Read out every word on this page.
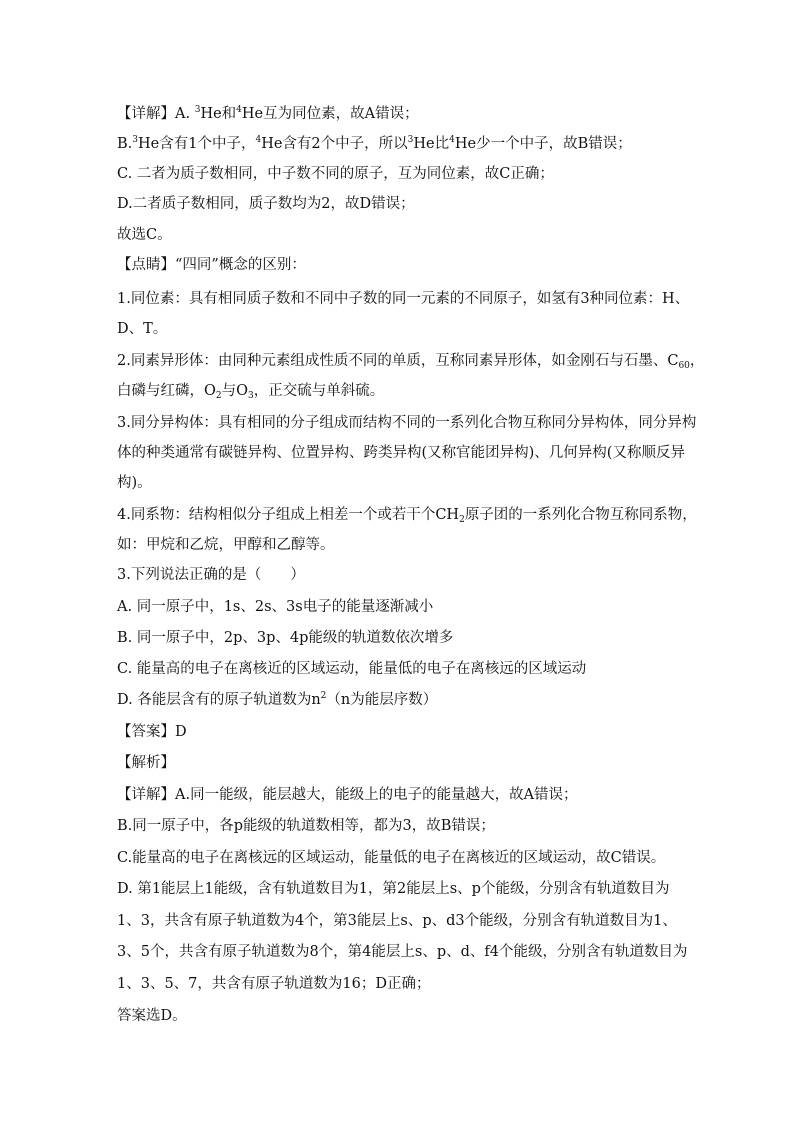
【详解】A. $^3$He和$^4$He互为同位素，故A错误；
B.$^3$He含有1个中子，$^4$He含有2个中子，所以$^3$He比$^4$He少一个中子，故B错误；
C. 二者为质子数相同，中子数不同的原子，互为同位素，故C正确；
D.二者质子数相同，质子数均为2，故D错误；
故选C。
【点睛】“四同”概念的区别：
1.同位素：具有相同质子数和不同中子数的同一元素的不同原子，如氢有3种同位素：H、
D、T。
2.同素异形体：由同种元素组成性质不同的单质，互称同素异形体，如金刚石与石墨、$C_{60}$，
白磷与红磷，$O_2$与$O_3$，正交硫与单斜硫。
3.同分异构体：具有相同的分子组成而结构不同的一系列化合物互称同分异构体，同分异构
体的种类通常有碳链异构、位置异构、跨类异构(又称官能团异构)、几何异构(又称顺反异
构)。
4.同系物：结构相似分子组成上相差一个或若干个$CH_2$原子团的一系列化合物互称同系物，
如：甲烷和乙烷，甲醇和乙醇等。
3.下列说法正确的是（　　）
A. 同一原子中，1s、2s、3s电子的能量逐渐减小
B. 同一原子中，2p、3p、4p能级的轨道数依次增多
C. 能量高的电子在离核近的区域运动，能量低的电子在离核远的区域运动
D. 各能层含有的原子轨道数为$n^2(n$为能层序数）
【答案】D
【解析】
【详解】A.同一能级，能层越大，能级上的电子的能量越大，故A错误；
B.同一原子中，各p能级的轨道数相等，都为3，故B错误；
C.能量高的电子在离核远的区域运动，能量低的电子在离核近的区域运动，故C错误。
D. 第1能层上1能级，含有轨道数目为1，第2能层上s、p个能级，分别含有轨道数目为
1、3，共含有原子轨道数为4个，第3能层上s、p、d3个能级，分别含有轨道数目为1、
3、5个，共含有原子轨道数为8个，第4能层上s、p、d、f4个能级，分别含有轨道数目为
1、3、5、7，共含有原子轨道数为16；D正确；
答案选D。
